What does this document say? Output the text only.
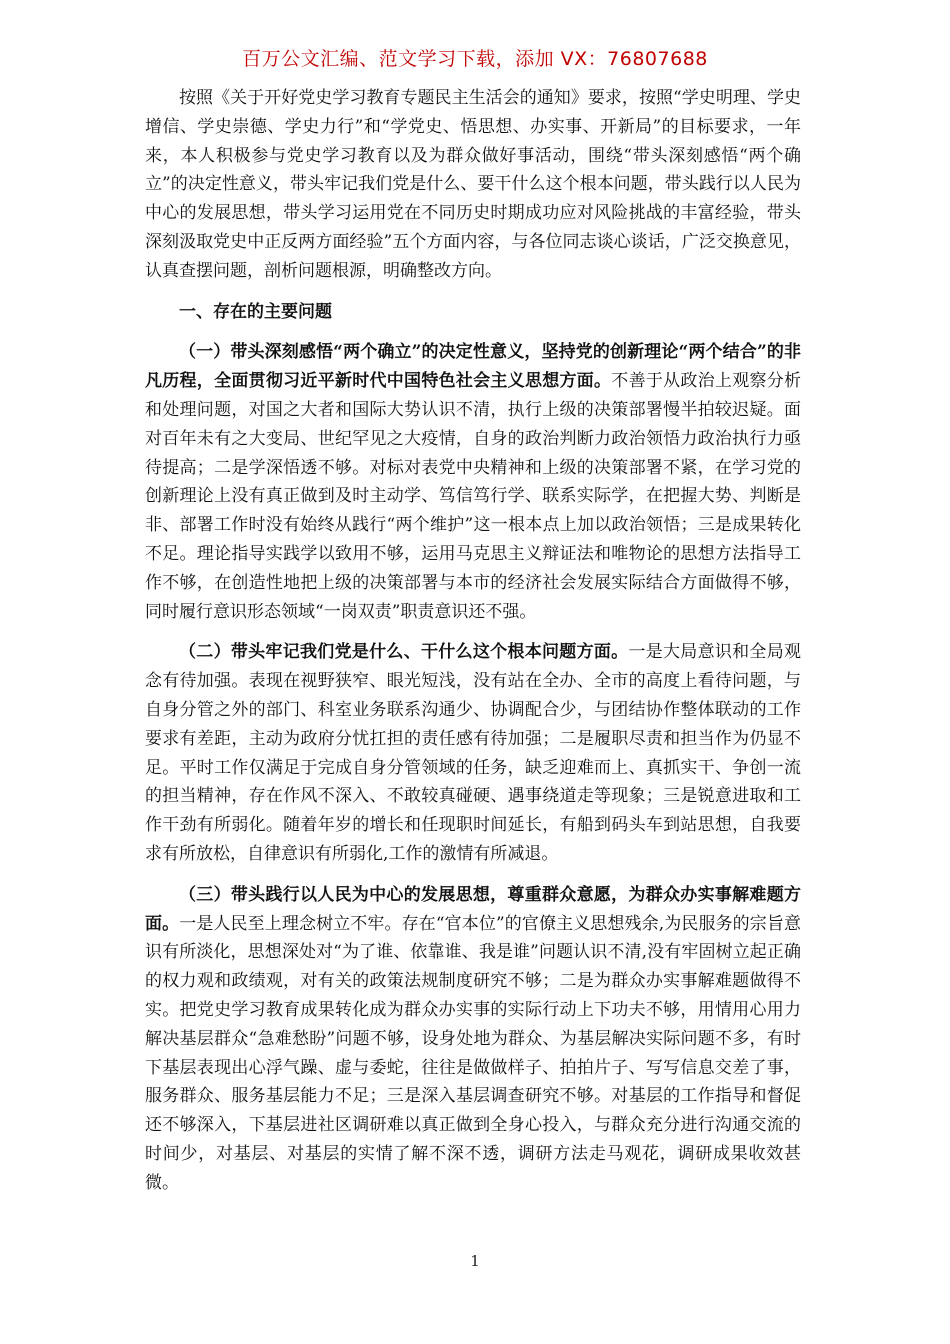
百万公文汇编、范文学习下载，添加 VX：76807688

按照《关于开好党史学习教育专题民主生活会的通知》要求，按照“学史明理、学史增信、学史崇德、学史力行”和“学党史、悟思想、办实事、开新局”的目标要求，一年来，本人积极参与党史学习教育以及为群众做好事活动，围绕“带头深刻感悟“两个确立”的决定性意义，带头牢记我们党是什么、要干什么这个根本问题，带头践行以人民为中心的发展思想，带头学习运用党在不同历史时期成功应对风险挑战的丰富经验，带头深刻汲取党史中正反两方面经验”五个方面内容，与各位同志谈心谈话，广泛交换意见，认真查摆问题，剖析问题根源，明确整改方向。

一、存在的主要问题

（一）带头深刻感悟“两个确立”的决定性意义，坚持党的创新理论“两个结合”的非凡历程，全面贯彻习近平新时代中国特色社会主义思想方面。不善于从政治上观察分析和处理问题，对国之大者和国际大势认识不清，执行上级的决策部署慢半拍较迟疑。面对百年未有之大变局、世纪罕见之大疫情，自身的政治判断力政治领悟力政治执行力亟待提高；二是学深悟透不够。对标对表党中央精神和上级的决策部署不紧，在学习党的创新理论上没有真正做到及时主动学、笃信笃行学、联系实际学，在把握大势、判断是非、部署工作时没有始终从践行“两个维护”这一根本点上加以政治领悟；三是成果转化不足。理论指导实践学以致用不够，运用马克思主义辩证法和唯物论的思想方法指导工作不够，在创造性地把上级的决策部署与本市的经济社会发展实际结合方面做得不够，同时履行意识形态领域“一岗双责”职责意识还不强。

（二）带头牢记我们党是什么、干什么这个根本问题方面。一是大局意识和全局观念有待加强。表现在视野狭窄、眼光短浅，没有站在全办、全市的高度上看待问题，与自身分管之外的部门、科室业务联系沟通少、协调配合少，与团结协作整体联动的工作要求有差距，主动为政府分忧扛担的责任感有待加强；二是履职尽责和担当作为仍显不足。平时工作仅满足于完成自身分管领域的任务，缺乏迎难而上、真抓实干、争创一流的担当精神，存在作风不深入、不敢较真碰硬、遇事绕道走等现象；三是锐意进取和工作干劲有所弱化。随着年岁的增长和任现职时间延长，有船到码头车到站思想，自我要求有所放松，自律意识有所弱化,工作的激情有所减退。

（三）带头践行以人民为中心的发展思想，尊重群众意愿，为群众办实事解难题方面。一是人民至上理念树立不牢。存在“官本位”的官僚主义思想残余,为民服务的宗旨意识有所淡化，思想深处对“为了谁、依靠谁、我是谁”问题认识不清,没有牢固树立起正确的权力观和政绩观，对有关的政策法规制度研究不够；二是为群众办实事解难题做得不实。把党史学习教育成果转化成为群众办实事的实际行动上下功夫不够，用情用心用力解决基层群众“急难愁盼”问题不够，设身处地为群众、为基层解决实际问题不多，有时下基层表现出心浮气躁、虚与委蛇，往往是做做样子、拍拍片子、写写信息交差了事，服务群众、服务基层能力不足；三是深入基层调查研究不够。对基层的工作指导和督促还不够深入，下基层进社区调研难以真正做到全身心投入，与群众充分进行沟通交流的时间少，对基层、对基层的实情了解不深不透，调研方法走马观花，调研成果收效甚微。

1
